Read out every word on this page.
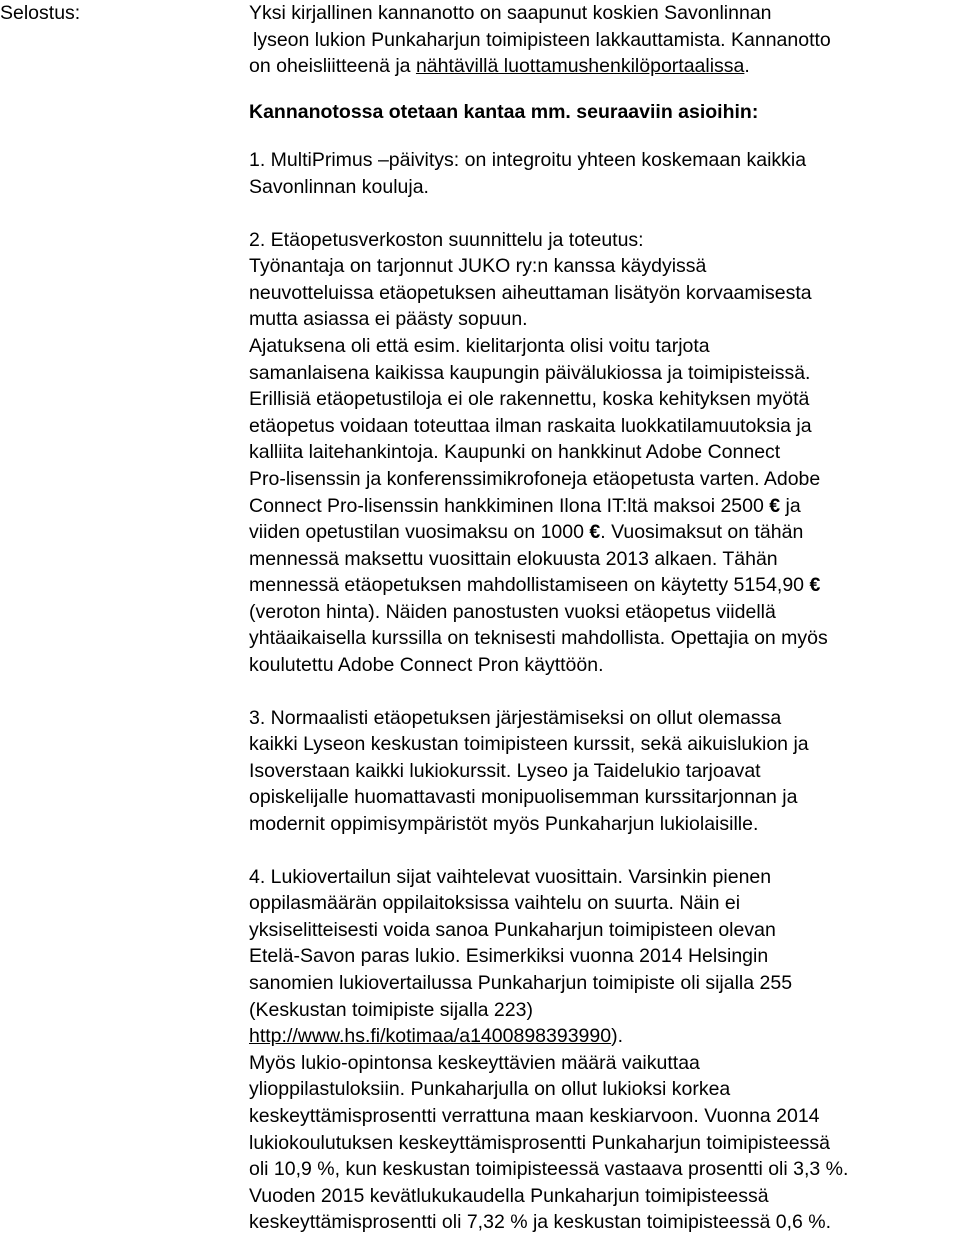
Selostus:	Yksi kirjallinen kannanotto on saapunut koskien Savonlinnan

lyseon lukion Punkaharjun toimipisteen lakkauttamista. Kannanotto

on oheisliitteenä ja nähtävillä luottamushenkilöportaalissa.

Kannanotossa otetaan kantaa mm. seuraaviin asioihin:

1. MultiPrimus –päivitys: on integroitu yhteen koskemaan kaikkia

Savonlinnan kouluja.

2. Etäopetusverkoston suunnittelu ja toteutus:

Työnantaja on tarjonnut JUKO ry:n kanssa käydyissä

neuvotteluissa etäopetuksen aiheuttaman lisätyön korvaamisesta

mutta asiassa ei päästy sopuun.

Ajatuksena oli että esim. kielitarjonta olisi voitu tarjota

samanlaisena kaikissa kaupungin päivälukiossa ja toimipisteissä.

Erillisiä etäopetustiloja ei ole rakennettu, koska kehityksen myötä

etäopetus voidaan toteuttaa ilman raskaita luokkatilamuutoksia ja

kalliita laitehankintoja. Kaupunki on hankkinut Adobe Connect

Pro-lisenssin ja konferenssimikrofoneja etäopetusta varten. Adobe

Connect Pro-lisenssin hankkiminen Ilona IT:ltä maksoi 2500 € ja

viiden opetustilan vuosimaksu on 1000 €. Vuosimaksut on tähän

mennessä maksettu vuosittain elokuusta 2013 alkaen. Tähän

mennessä etäopetuksen mahdollistamiseen on käytetty 5154,90 €

(veroton hinta). Näiden panostusten vuoksi etäopetus viidellä

yhtäaikaisella kurssilla on teknisesti mahdollista. Opettajia on myös

koulutettu Adobe Connect Pron käyttöön.

3. Normaalisti etäopetuksen järjestämiseksi on ollut olemassa

kaikki Lyseon keskustan toimipisteen kurssit, sekä aikuislukion ja

Isoverstaan kaikki lukiokurssit. Lyseo ja Taidelukio tarjoavat

opiskelijalle huomattavasti monipuolisemman kurssitarjonnan ja

modernit oppimisympäristöt myös Punkaharjun lukiolaisille.

4. Lukiovertailun sijat vaihtelevat vuosittain. Varsinkin pienen

oppilasmäärän oppilaitoksissa vaihtelu on suurta. Näin ei

yksiselitteisesti voida sanoa Punkaharjun toimipisteen olevan

Etelä-Savon paras lukio. Esimerkiksi vuonna 2014 Helsingin

sanomien lukiovertailussa Punkaharjun toimipiste oli sijalla 255

(Keskustan toimipiste sijalla 223)

http://www.hs.fi/kotimaa/a1400898393990).

Myös lukio-opintonsa keskeyttävien määrä vaikuttaa

ylioppilastuloksiin. Punkaharjulla on ollut lukioksi korkea

keskeyttämisprosentti verrattuna maan keskiarvoon. Vuonna 2014

lukiokoulutuksen keskeyttämisprosentti Punkaharjun toimipisteessä

oli 10,9 %, kun keskustan toimipisteessä vastaava prosentti oli 3,3 %.

Vuoden 2015 kevätlukukaudella Punkaharjun toimipisteessä

keskeyttämisprosentti oli 7,32 % ja keskustan toimipisteessä 0,6 %.
